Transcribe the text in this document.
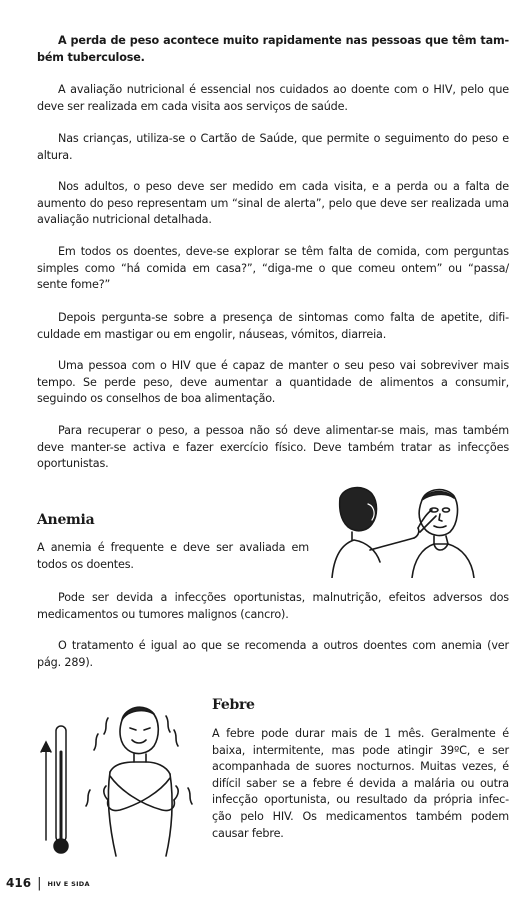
A perda de peso acontece muito rapidamente nas pessoas que têm tam-bém tuberculose.

A avaliação nutricional é essencial nos cuidados ao doente com o HIV, pelo que deve ser realizada em cada visita aos serviços de saúde.

Nas crianças, utiliza-se o Cartão de Saúde, que permite o seguimento do peso e altura.

Nos adultos, o peso deve ser medido em cada visita, e a perda ou a falta de aumento do peso representam um “sinal de alerta”, pelo que deve ser realizada uma avaliação nutricional detalhada.

Em todos os doentes, deve-se explorar se têm falta de comida, com perguntas simples como “há comida em casa?”, “diga-me o que comeu ontem” ou “passa/ sente fome?”

Depois pergunta-se sobre a presença de sintomas como falta de apetite, difi-culdade em mastigar ou em engolir, náuseas, vómitos, diarreia.

Uma pessoa com o HIV que é capaz de manter o seu peso vai sobreviver mais tempo. Se perde peso, deve aumentar a quantidade de alimentos a consumir, seguindo os conselhos de boa alimentação.

Para recuperar o peso, a pessoa não só deve alimentar-se mais, mas também deve manter-se activa e fazer exercício físico. Deve também tratar as infecções oportunistas.

Anemia

A anemia é frequente e deve ser avaliada em todos os doentes.

Pode ser devida a infecções oportunistas, malnutrição, efeitos adversos dos medicamentos ou tumores malignos (cancro).

O tratamento é igual ao que se recomenda a outros doentes com anemia (ver pág. 289).

Febre

A febre pode durar mais de 1 mês. Geralmente é baixa, intermitente, mas pode atingir 39ºC, e ser acompanhada de suores nocturnos. Muitas vezes, é difícil saber se a febre é devida a malária ou outra infecção oportunista, ou resultado da própria infec-ção pelo HIV. Os medicamentos também podem causar febre.

416 | HIV E SIDA
